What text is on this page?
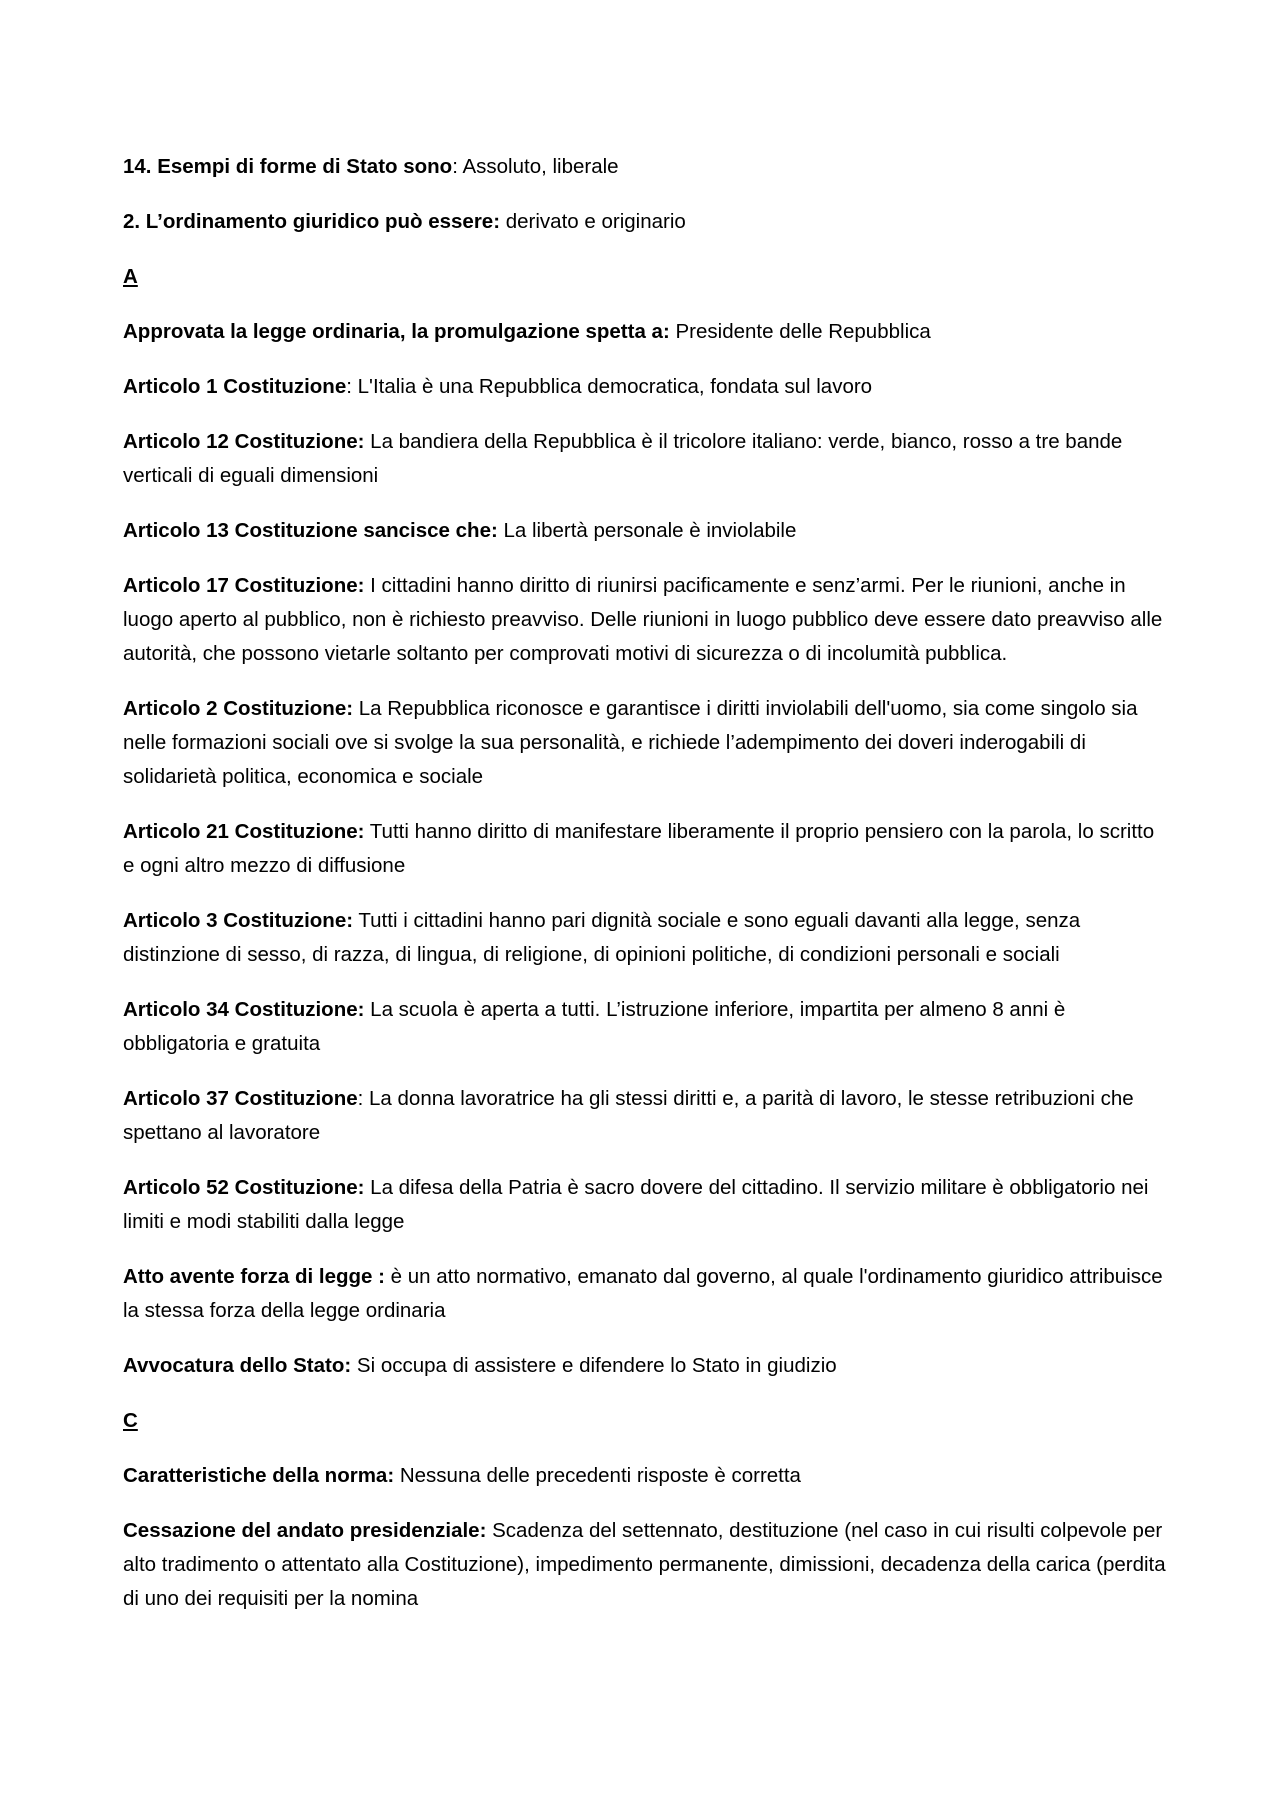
14. Esempi di forme di Stato sono: Assoluto, liberale

2. L’ordinamento giuridico può essere: derivato e originario

A

Approvata la legge ordinaria, la promulgazione spetta a: Presidente delle Repubblica

Articolo 1 Costituzione: L'Italia è una Repubblica democratica, fondata sul lavoro

Articolo 12 Costituzione: La bandiera della Repubblica è il tricolore italiano: verde, bianco, rosso a tre bande verticali di eguali dimensioni

Articolo 13 Costituzione sancisce che: La libertà personale è inviolabile

Articolo 17 Costituzione: I cittadini hanno diritto di riunirsi pacificamente e senz’armi. Per le riunioni, anche in luogo aperto al pubblico, non è richiesto preavviso. Delle riunioni in luogo pubblico deve essere dato preavviso alle autorità, che possono vietarle soltanto per comprovati motivi di sicurezza o di incolumità pubblica.

Articolo 2 Costituzione: La Repubblica riconosce e garantisce i diritti inviolabili dell'uomo, sia come singolo sia nelle formazioni sociali ove si svolge la sua personalità, e richiede l’adempimento dei doveri inderogabili di solidarietà politica, economica e sociale

Articolo 21 Costituzione: Tutti hanno diritto di manifestare liberamente il proprio pensiero con la parola, lo scritto e ogni altro mezzo di diffusione

Articolo 3 Costituzione: Tutti i cittadini hanno pari dignità sociale e sono eguali davanti alla legge, senza distinzione di sesso, di razza, di lingua, di religione, di opinioni politiche, di condizioni personali e sociali

Articolo 34 Costituzione: La scuola è aperta a tutti. L’istruzione inferiore, impartita per almeno 8 anni è obbligatoria e gratuita

Articolo 37 Costituzione: La donna lavoratrice ha gli stessi diritti e, a parità di lavoro, le stesse retribuzioni che spettano al lavoratore

Articolo 52 Costituzione: La difesa della Patria è sacro dovere del cittadino. Il servizio militare è obbligatorio nei limiti e modi stabiliti dalla legge

Atto avente forza di legge : è un atto normativo, emanato dal governo, al quale l'ordinamento giuridico attribuisce la stessa forza della legge ordinaria

Avvocatura dello Stato: Si occupa di assistere e difendere lo Stato in giudizio

C

Caratteristiche della norma: Nessuna delle precedenti risposte è corretta

Cessazione del andato presidenziale: Scadenza del settennato, destituzione (nel caso in cui risulti colpevole per alto tradimento o attentato alla Costituzione), impedimento permanente, dimissioni, decadenza della carica (perdita di uno dei requisiti per la nomina
